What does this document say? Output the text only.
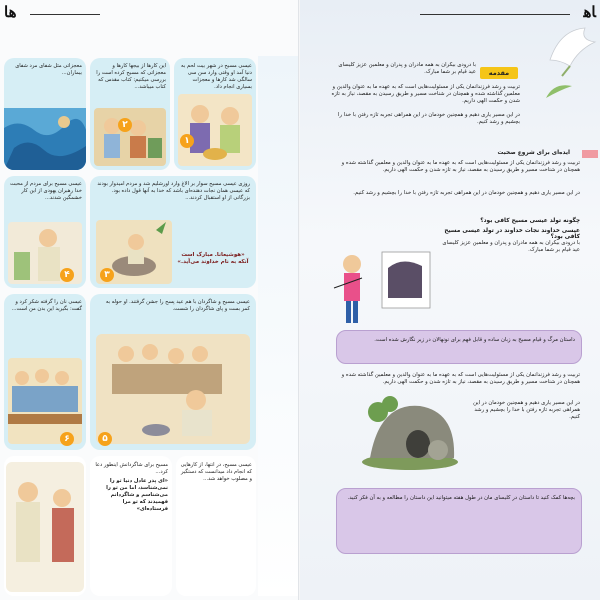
ﻫﺎ
معجزاتی مثل شفای مرد شفای بیماران...
این کارها از بیجها کارها و معجزاتی که مسیح کرده است را بررسی میکنیم: کتاب مقدس که کتاب میباشد...
٢
عیسی مسیح در شهر بیت لحم به دنیا آمد او وقتی وارد سن سی سالگی شد کارها و معجزات بسیاری انجام داد.
١
عیسی مسیح برای مردم از محبت خدا رهبران یهودی از این کار خشمگین شدند...
۴
روزی عیسی مسیح سوار بر الاغ وارد اورشلیم شد و مردم امیدوار بودند که عیسی همان نجات دهنده‌ای باشد که خدا به آنها قول داده بود. بزرگانی از او استقبال کردند...
٣
«هوشیعانا. مبارک است آنکه به نام خداوند می‌آید.»
عیسی نان را گرفته شکر کرد و گفت: بگیرید این بدن من است...
۶
عیسی مسیح و شاگردان با هم عید پسح را جشن گرفتند. او حوله به کمر بست و پای شاگردان را شست.
۵
مسیح برای شاگردانش اینطور دعا کرد...
«ای پدر عادل دنیا تو را نمی‌شناسد، اما من تو را می‌شناسم و شاگردانم فهمیدند که تو مرا فرستاده‌ای»
عیسی مسیح، در انتها، از کارهایی که انجام داد میدانست که دستگیر و مصلوب خواهد شد...
ﺎﻫ
مقدمه
با درودی بیکران به همه مادران و پدران و معلمین عزیز کلیسای عید قیام بر شما مبارک.
تربیت و رشد فرزندانمان یکی از مسئولیت‌هایی است که به عهده ما به عنوان والدین و معلمین گذاشته شده و همچنان در شناخت مسیر و طریق رسیدن به مقصد، نیاز به تازه شدن و حکمت الهی داریم.
در این مسیر یاری دهیم و همچنین خودمان در این همراهی تجربه تازه رفتن با خدا را بچشیم و رشد کنیم.
ایده‌ای برای شروع صحبت
تربیت و رشد فرزندانمان یکی از مسئولیت‌هایی است که به عهده ما به عنوان والدین و معلمین گذاشته شده و همچنان در شناخت مسیر و طریق رسیدن به مقصد، نیاز به تازه شدن و حکمت الهی داریم.
در این مسیر یاری دهیم و همچنین خودمان در این همراهی تجربه تازه رفتن با خدا را بچشیم و رشد کنیم.
چگونه تولد عیسی مسیح کافی بود؟
عیسی خداوند نجات خداوند در تولد عیسی مسیح کافی بود؟
با درودی بیکران به همه مادران و پدران و معلمین عزیز کلیسای عید قیام بر شما مبارک.
داستان مرگ و قیام مسیح به زبان ساده و قابل فهم برای نونهالان در زیر نگارش شده است.
تربیت و رشد فرزندانمان یکی از مسئولیت‌هایی است که به عهده ما به عنوان والدین و معلمین گذاشته شده و همچنان در شناخت مسیر و طریق رسیدن به مقصد، نیاز به تازه شدن و حکمت الهی داریم.
در این مسیر یاری دهیم و همچنین خودمان در این همراهی تجربه تازه رفتن با خدا را بچشیم و رشد کنیم.
بچه‌ها کمک کنید تا داستان در کلیسای مان در طول هفته میتوانید این داستان را مطالعه و به آن فکر کنید.
